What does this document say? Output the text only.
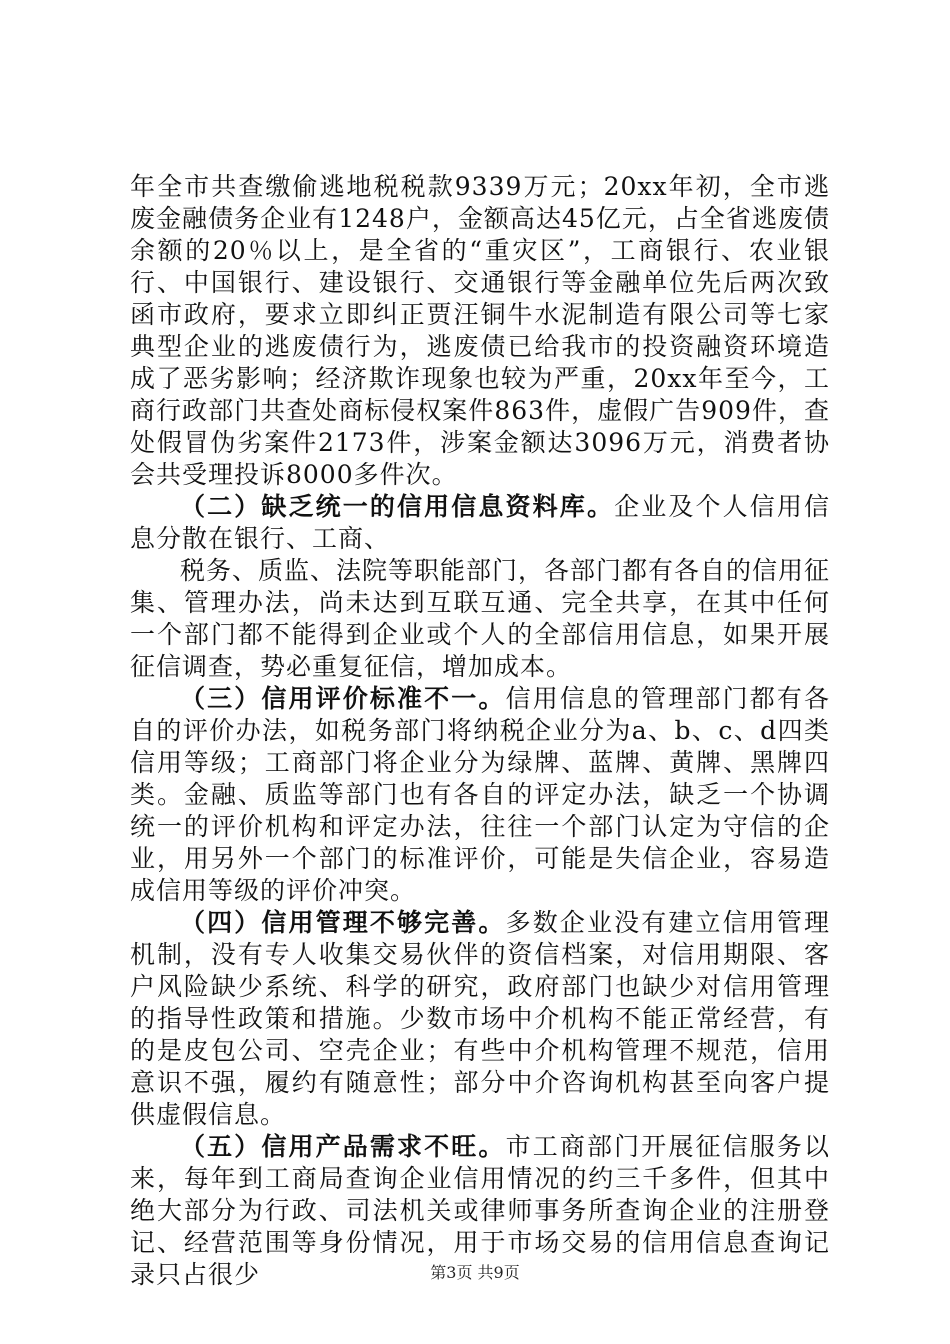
年全市共查缴偷逃地税税款9339万元；20xx年初，全市逃废金融债务企业有1248户，金额高达45亿元，占全省逃废债余额的20％以上，是全省的“重灾区”，工商银行、农业银行、中国银行、建设银行、交通银行等金融单位先后两次致函市政府，要求立即纠正贾汪铜牛水泥制造有限公司等七家典型企业的逃废债行为，逃废债已给我市的投资融资环境造成了恶劣影响；经济欺诈现象也较为严重，20xx年至今，工商行政部门共查处商标侵权案件863件，虚假广告909件，查处假冒伪劣案件2173件，涉案金额达3096万元，消费者协会共受理投诉8000多件次。

（二）缺乏统一的信用信息资料库。企业及个人信用信息分散在银行、工商、

税务、质监、法院等职能部门，各部门都有各自的信用征集、管理办法，尚未达到互联互通、完全共享，在其中任何一个部门都不能得到企业或个人的全部信用信息，如果开展征信调查，势必重复征信，增加成本。

（三）信用评价标准不一。信用信息的管理部门都有各自的评价办法，如税务部门将纳税企业分为a、b、c、d四类信用等级；工商部门将企业分为绿牌、蓝牌、黄牌、黑牌四类。金融、质监等部门也有各自的评定办法，缺乏一个协调统一的评价机构和评定办法，往往一个部门认定为守信的企业，用另外一个部门的标准评价，可能是失信企业，容易造成信用等级的评价冲突。

（四）信用管理不够完善。多数企业没有建立信用管理机制，没有专人收集交易伙伴的资信档案，对信用期限、客户风险缺少系统、科学的研究，政府部门也缺少对信用管理的指导性政策和措施。少数市场中介机构不能正常经营，有的是皮包公司、空壳企业；有些中介机构管理不规范，信用意识不强，履约有随意性；部分中介咨询机构甚至向客户提供虚假信息。

（五）信用产品需求不旺。市工商部门开展征信服务以来，每年到工商局查询企业信用情况的约三千多件，但其中绝大部分为行政、司法机关或律师事务所查询企业的注册登记、经营范围等身份情况，用于市场交易的信用信息查询记录只占很少	第3页 共9页
